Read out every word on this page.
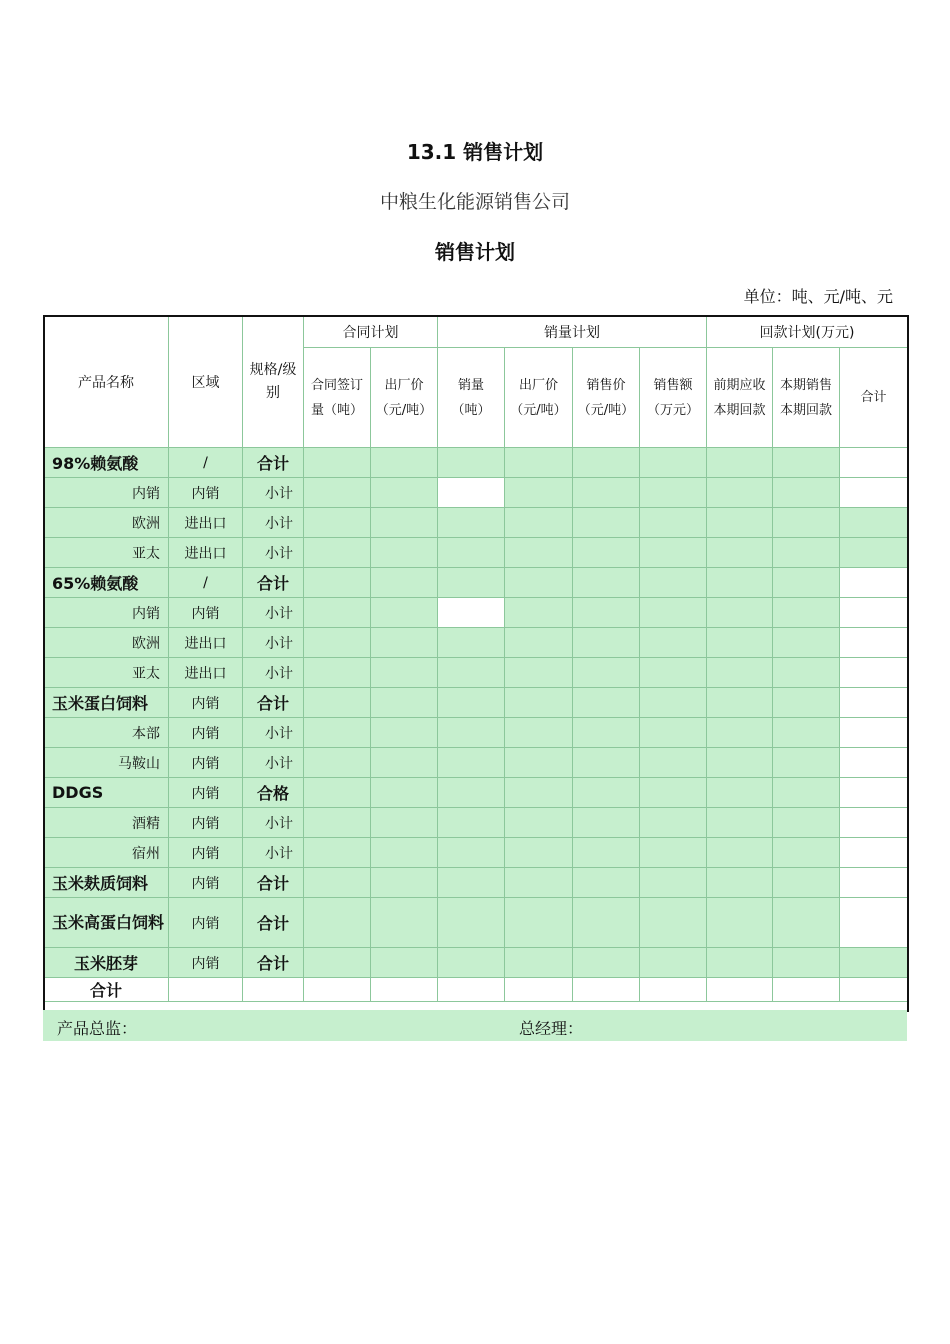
13.1 销售计划
中粮生化能源销售公司
销售计划
单位：吨、元/吨、元
产品名称	区域	规格/级别	合同计划		销量计划				回款计划(万元)		
			合同签订量（吨）	出厂价（元/吨）	销量（吨）	出厂价（元/吨）	销售价（元/吨）	销售额（万元）	前期应收本期回款	本期销售本期回款	合计
98%赖氨酸	/	合计									
内销	内销	小计									
欧洲	进出口	小计									
亚太	进出口	小计									
65%赖氨酸	/	合计									
内销	内销	小计									
欧洲	进出口	小计									
亚太	进出口	小计									
玉米蛋白饲料	内销	合计									
本部	内销	小计									
马鞍山	内销	小计									
DDGS	内销	合格									
酒精	内销	小计									
宿州	内销	小计									
玉米麸质饲料	内销	合计									
玉米高蛋白饲料	内销	合计									
玉米胚芽	内销	合计									
合计											
产品总监：	总经理：
